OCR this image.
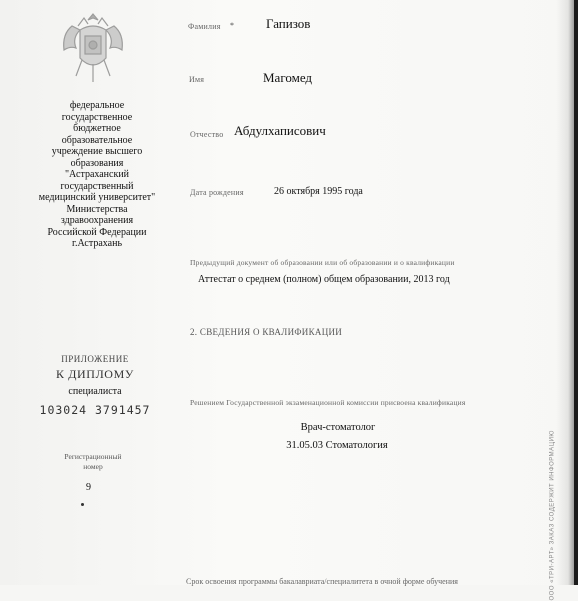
федеральное
государственное
бюджетное
образовательное
учреждение высшего
образования
"Астраханский
государственный
медицинский университет"
Министерства
здравоохранения
Российской Федерации
г.Астрахань
ПРИЛОЖЕНИЕ
К ДИПЛОМУ
специалиста
103024 3791457
Регистрационный
номер
9
Фамилия * Гапизов
Имя	Магомед
Отчество Абдулхаписович
Дата рождения	26 октября 1995 года
Предыдущий документ об образовании или об образовании и о квалификации
Аттестат о среднем (полном) общем образовании, 2013 год
2. СВЕДЕНИЯ О КВАЛИФИКАЦИИ
Решением Государственной экзаменационной комиссии присвоена квалификация
Врач-стоматолог
31.05.03 Стоматология
Срок освоения программы бакалавриата/специалитета в очной форме обучения	ООО «ТРИ-АРТ» ЗАКАЗ СОДЕРЖИТ ИНФОРМАЦИЮ
